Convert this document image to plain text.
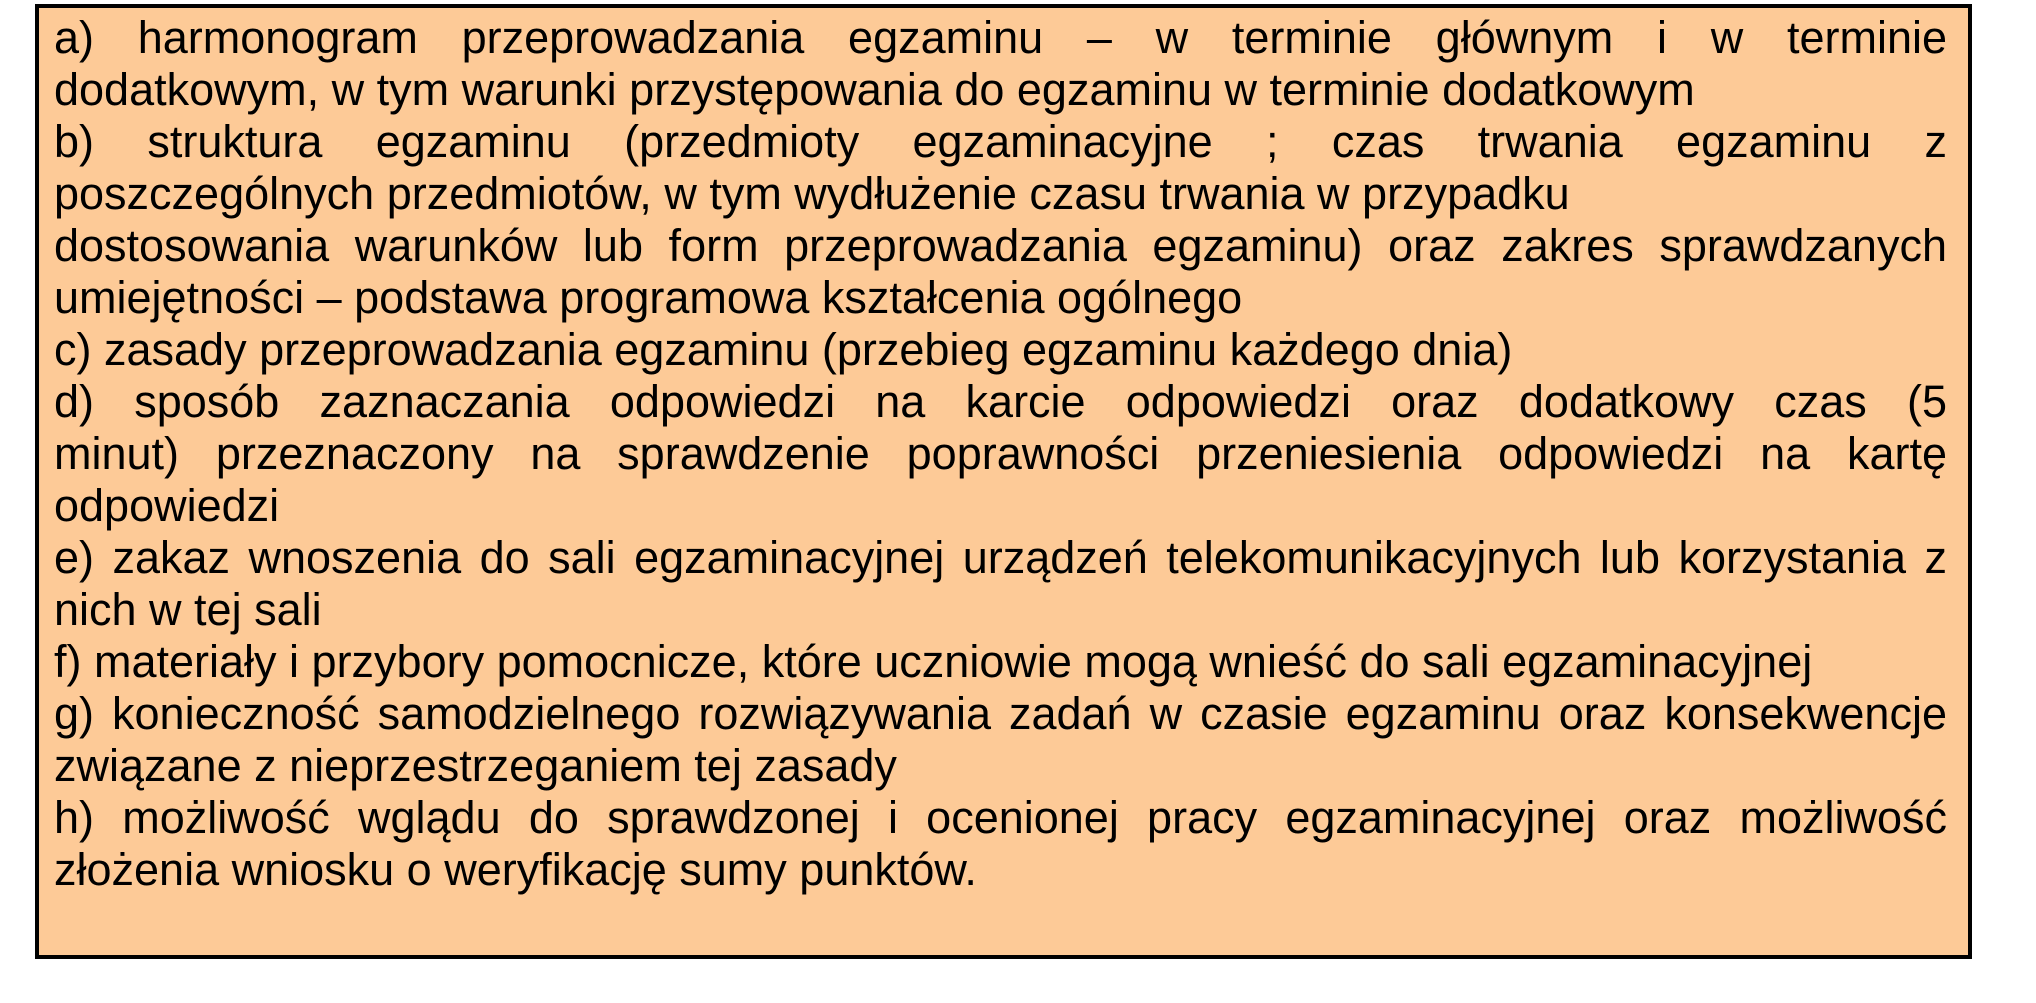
a) harmonogram przeprowadzania egzaminu – w terminie głównym i w terminie
dodatkowym, w tym warunki przystępowania do egzaminu w terminie dodatkowym
b) struktura egzaminu (przedmioty egzaminacyjne ; czas trwania egzaminu z
poszczególnych przedmiotów, w tym wydłużenie czasu trwania w przypadku
dostosowania warunków lub form przeprowadzania egzaminu) oraz zakres sprawdzanych
umiejętności – podstawa programowa kształcenia ogólnego
c) zasady przeprowadzania egzaminu (przebieg egzaminu każdego dnia)
d) sposób zaznaczania odpowiedzi na karcie odpowiedzi oraz dodatkowy czas (5
minut) przeznaczony na sprawdzenie poprawności przeniesienia odpowiedzi na kartę
odpowiedzi
e) zakaz wnoszenia do sali egzaminacyjnej urządzeń telekomunikacyjnych lub korzystania z
nich w tej sali
f) materiały i przybory pomocnicze, które uczniowie mogą wnieść do sali egzaminacyjnej
g) konieczność samodzielnego rozwiązywania zadań w czasie egzaminu oraz konsekwencje
związane z nieprzestrzeganiem tej zasady
h) możliwość wglądu do sprawdzonej i ocenionej pracy egzaminacyjnej oraz możliwość
złożenia wniosku o weryfikację sumy punktów.
